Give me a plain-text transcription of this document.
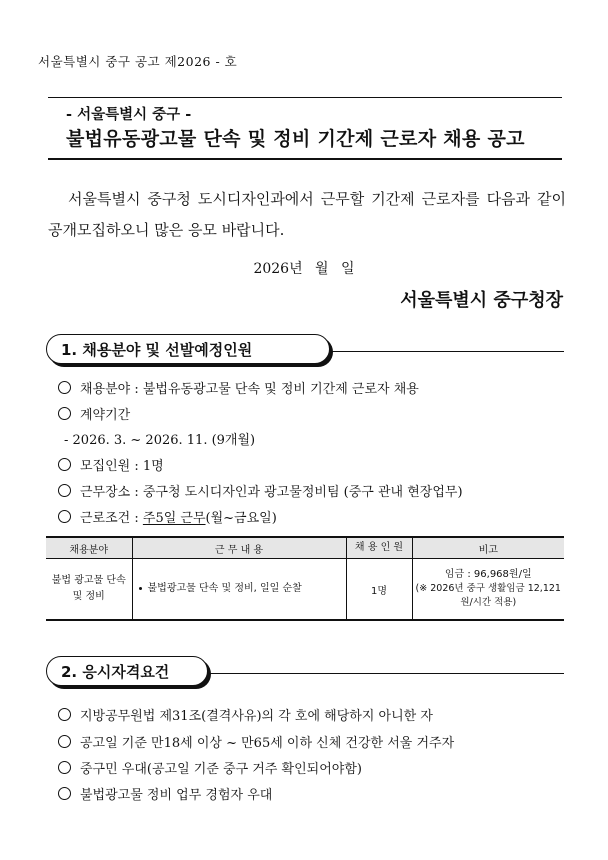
서울특별시 중구 공고 제2026 - 호
- 서울특별시 중구 -
불법유동광고물 단속 및 정비 기간제 근로자 채용 공고
서울특별시 중구청 도시디자인과에서 근무할 기간제 근로자를 다음과 같이 공개모집하오니 많은 응모 바랍니다.
2026년 월 일
서울특별시 중구청장
1. 채용분야 및 선발예정인원
채용분야 : 불법유동광고물 단속 및 정비 기간제 근로자 채용
계약기간
- 2026. 3. ~ 2026. 11. (9개월)
모집인원 : 1명
근무장소 : 중구청 도시디자인과 광고물정비팀 (중구 관내 현장업무)
근로조건 : 주5일 근무(월~금요일)
채용분야	근 무 내 용	채 용 인 원	비고
불법 광고물 단속 및 정비	불법광고물 단속 및 정비, 일일 순찰	1명	임금 : 96,968원/일
(※ 2026년 중구 생활임금 12,121원/시간 적용)
2. 응시자격요건
지방공무원법 제31조(결격사유)의 각 호에 해당하지 아니한 자
공고일 기준 만18세 이상 ~ 만65세 이하 신체 건강한 서울 거주자
중구민 우대(공고일 기준 중구 거주 확인되어야함)
불법광고물 정비 업무 경험자 우대
